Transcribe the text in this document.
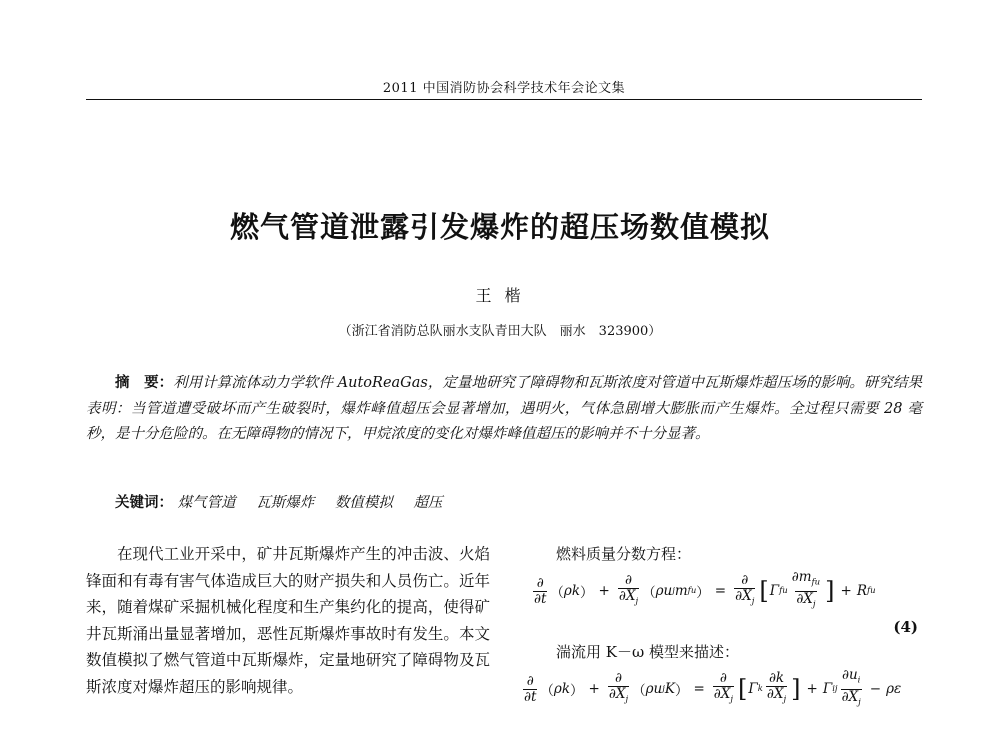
2011 中国消防协会科学技术年会论文集
燃气管道泄露引发爆炸的超压场数值模拟
王 楷
（浙江省消防总队丽水支队青田大队　丽水　323900）
摘　要：利用计算流体动力学软件 AutoReaGas，定量地研究了障碍物和瓦斯浓度对管道中瓦斯爆炸超压场的影响。研究结果表明：当管道遭受破坏而产生破裂时，爆炸峰值超压会显著增加，遇明火，气体急剧增大膨胀而产生爆炸。全过程只需要 28 毫秒，是十分危险的。在无障碍物的情况下，甲烷浓度的变化对爆炸峰值超压的影响并不十分显著。
关键词： 煤气管道 瓦斯爆炸 数值模拟 超压
在现代工业开采中，矿井瓦斯爆炸产生的冲击波、火焰锋面和有毒有害气体造成巨大的财产损失和人员伤亡。近年来，随着煤矿采掘机械化程度和生产集约化的提高，使得矿井瓦斯涌出量显著增加，恶性瓦斯爆炸事故时有发生。本文数值模拟了燃气管道中瓦斯爆炸，定量地研究了障碍物及瓦斯浓度对爆炸超压的影响规律。
燃料质量分数方程：
$\frac{\partial}{\partial t}$ （ ρk ） + $\frac{\partial}{\partial X_j}$ （ ρu j m fu ） = $\frac{\partial}{\partial X_j}$ [ Γ fu $\frac{\partial m_{fu}}{\partial X_j}$ ] + R fu
(4)
湍流用 K－ω 模型来描述：
$\frac{\partial}{\partial t}$ （ ρk ） + $\frac{\partial}{\partial X_j}$ （ ρu j K ） = $\frac{\partial}{\partial X_j}$ [ Γ k $\frac{\partial k}{\partial X_j}$ ] + Γ ij $\frac{\partial u_i}{\partial X_j} - \rho\varepsilon$
